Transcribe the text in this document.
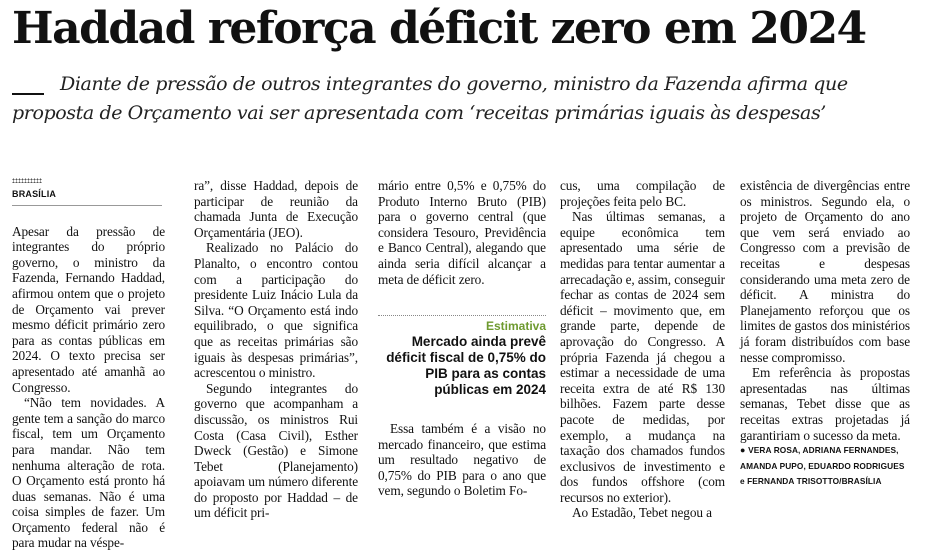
Haddad reforça déficit zero em 2024
Diante de pressão de outros integrantes do governo, ministro da Fazenda afirma que proposta de Orçamento vai ser apresentada com ‘receitas primárias iguais às despesas’
BRASÍLIA

Apesar da pressão de integrantes do próprio governo, o ministro da Fazenda, Fernando Haddad, afirmou ontem que o projeto de Orçamento vai prever mesmo déficit primário zero para as contas públicas em 2024. O texto precisa ser apresentado até amanhã ao Congresso.

“Não tem novidades. A gente tem a sanção do marco fiscal, tem um Orçamento para mandar. Não tem nenhuma alteração de rota. O Orçamento está pronto há duas semanas. Não é uma coisa simples de fazer. Um Orçamento federal não é para mudar na véspe-

ra”, disse Haddad, depois de participar de reunião da chamada Junta de Execução Orçamentária (JEO).

Realizado no Palácio do Planalto, o encontro contou com a participação do presidente Luiz Inácio Lula da Silva. “O Orçamento está indo equilibrado, o que significa que as receitas primárias são iguais às despesas primárias”, acrescentou o ministro.

Segundo integrantes do governo que acompanham a discussão, os ministros Rui Costa (Casa Civil), Esther Dweck (Gestão) e Simone Tebet (Planejamento) apoiavam um número diferente do proposto por Haddad – de um déficit pri-

mário entre 0,5% e 0,75% do Produto Interno Bruto (PIB) para o governo central (que considera Tesouro, Previdência e Banco Central), alegando que ainda seria difícil alcançar a meta de déficit zero.

Estimativa
Mercado ainda prevê déficit fiscal de 0,75% do PIB para as contas públicas em 2024

Essa também é a visão no mercado financeiro, que estima um resultado negativo de 0,75% do PIB para o ano que vem, segundo o Boletim Fo-

cus, uma compilação de projeções feita pelo BC.

Nas últimas semanas, a equipe econômica tem apresentado uma série de medidas para tentar aumentar a arrecadação e, assim, conseguir fechar as contas de 2024 sem déficit – movimento que, em grande parte, depende de aprovação do Congresso. A própria Fazenda já chegou a estimar a necessidade de uma receita extra de até R$ 130 bilhões. Fazem parte desse pacote de medidas, por exemplo, a mudança na taxação dos chamados fundos exclusivos de investimento e dos fundos offshore (com recursos no exterior).

Ao Estadão, Tebet negou a

existência de divergências entre os ministros. Segundo ela, o projeto de Orçamento do ano que vem será enviado ao Congresso com a previsão de receitas e despesas considerando uma meta zero de déficit. A ministra do Planejamento reforçou que os limites de gastos dos ministérios já foram distribuídos com base nesse compromisso.

Em referência às propostas apresentadas nas últimas semanas, Tebet disse que as receitas extras projetadas já garantiriam o sucesso da meta.

● VERA ROSA, ADRIANA FERNANDES, AMANDA PUPO, EDUARDO RODRIGUES e FERNANDA TRISOTTO/BRASÍLIA
